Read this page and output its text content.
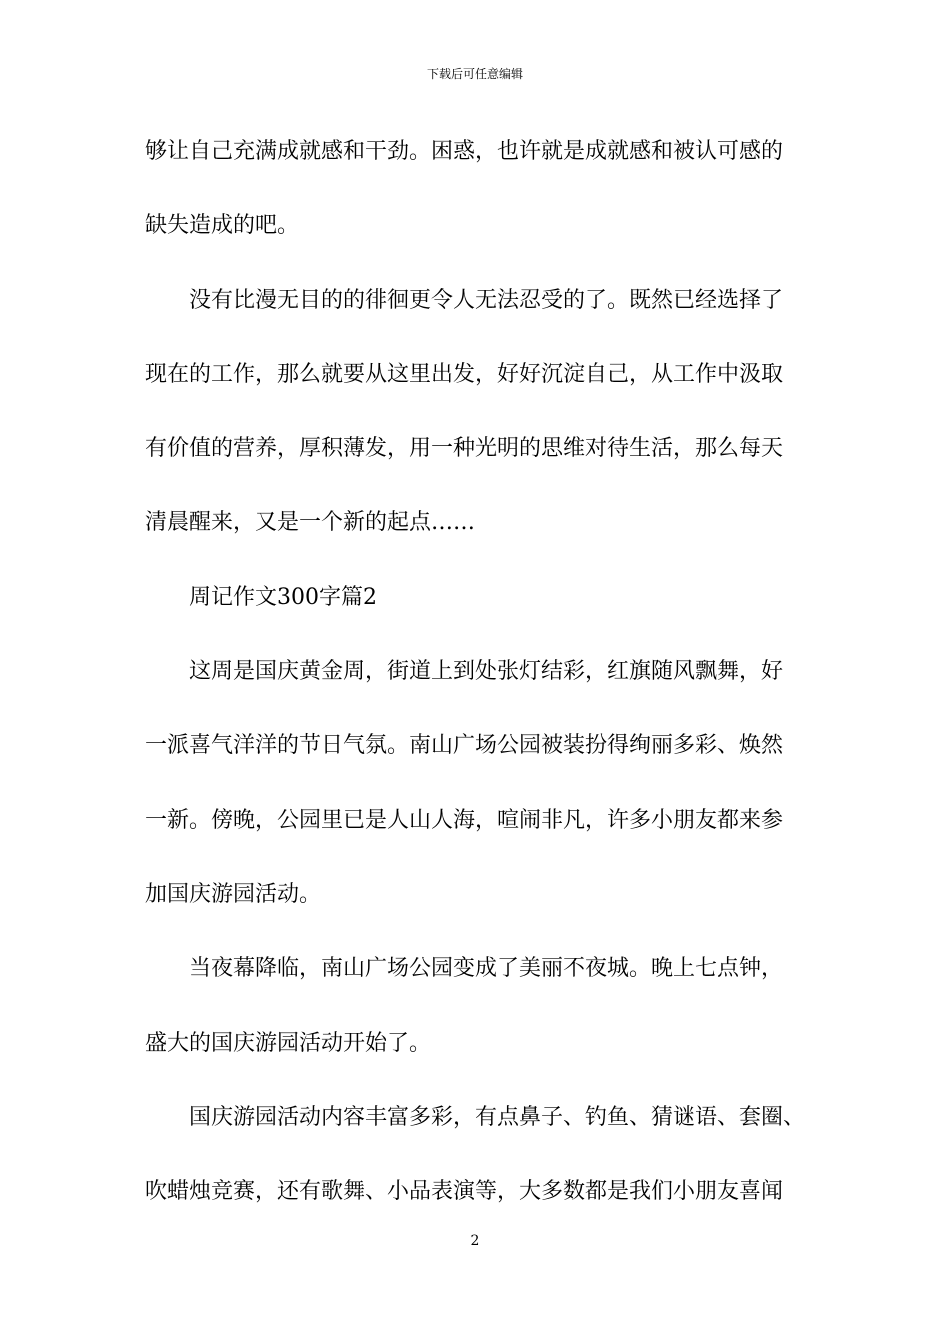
下载后可任意编辑
够让自己充满成就感和干劲。困惑，也许就是成就感和被认可感的
缺失造成的吧。
　　没有比漫无目的的徘徊更令人无法忍受的了。既然已经选择了
现在的工作，那么就要从这里出发，好好沉淀自己，从工作中汲取
有价值的营养，厚积薄发，用一种光明的思维对待生活，那么每天
清晨醒来，又是一个新的起点……
　　周记作文300字篇2
　　这周是国庆黄金周，街道上到处张灯结彩，红旗随风飘舞，好
一派喜气洋洋的节日气氛。南山广场公园被装扮得绚丽多彩、焕然
一新。傍晚，公园里已是人山人海，喧闹非凡，许多小朋友都来参
加国庆游园活动。
　　当夜幕降临，南山广场公园变成了美丽不夜城。晚上七点钟，
盛大的国庆游园活动开始了。
　　国庆游园活动内容丰富多彩，有点鼻子、钓鱼、猜谜语、套圈、
吹蜡烛竞赛，还有歌舞、小品表演等，大多数都是我们小朋友喜闻
2
